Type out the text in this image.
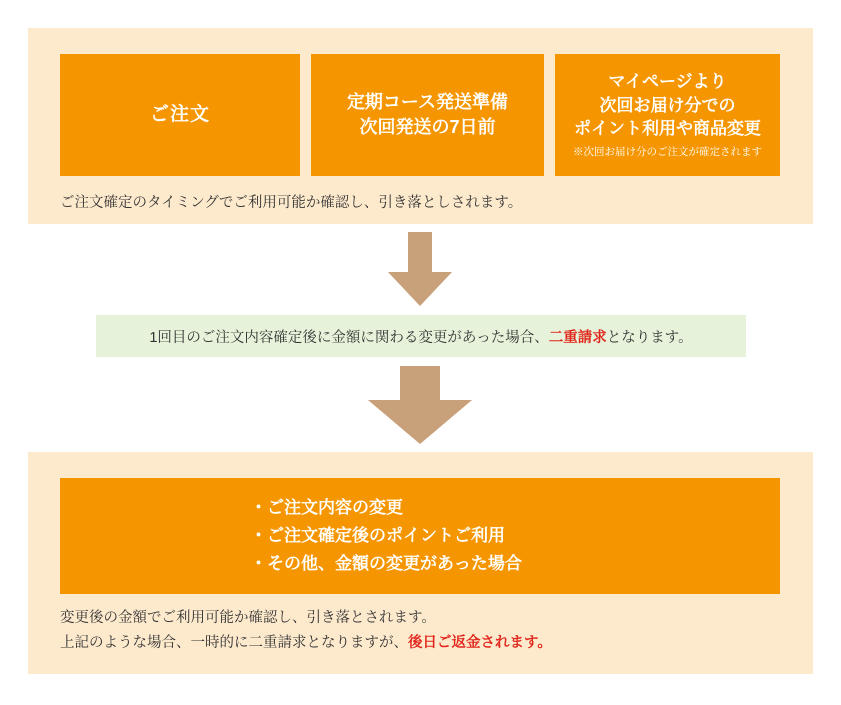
ご注文
定期コース発送準備
次回発送の7日前
マイページより
次回お届け分での
ポイント利用や商品変更
※次回お届け分のご注文が確定されます
ご注文確定のタイミングでご利用可能か確認し、引き落としされます。
1回目のご注文内容確定後に金額に関わる変更があった場合、 二重請求 となります。
・ご注文内容の変更
・ご注文確定後のポイントご利用
・その他、金額の変更があった場合
変更後の金額でご利用可能か確認し、引き落とされます。
上記のような場合、一時的に二重請求となりますが、後日ご返金されます。
